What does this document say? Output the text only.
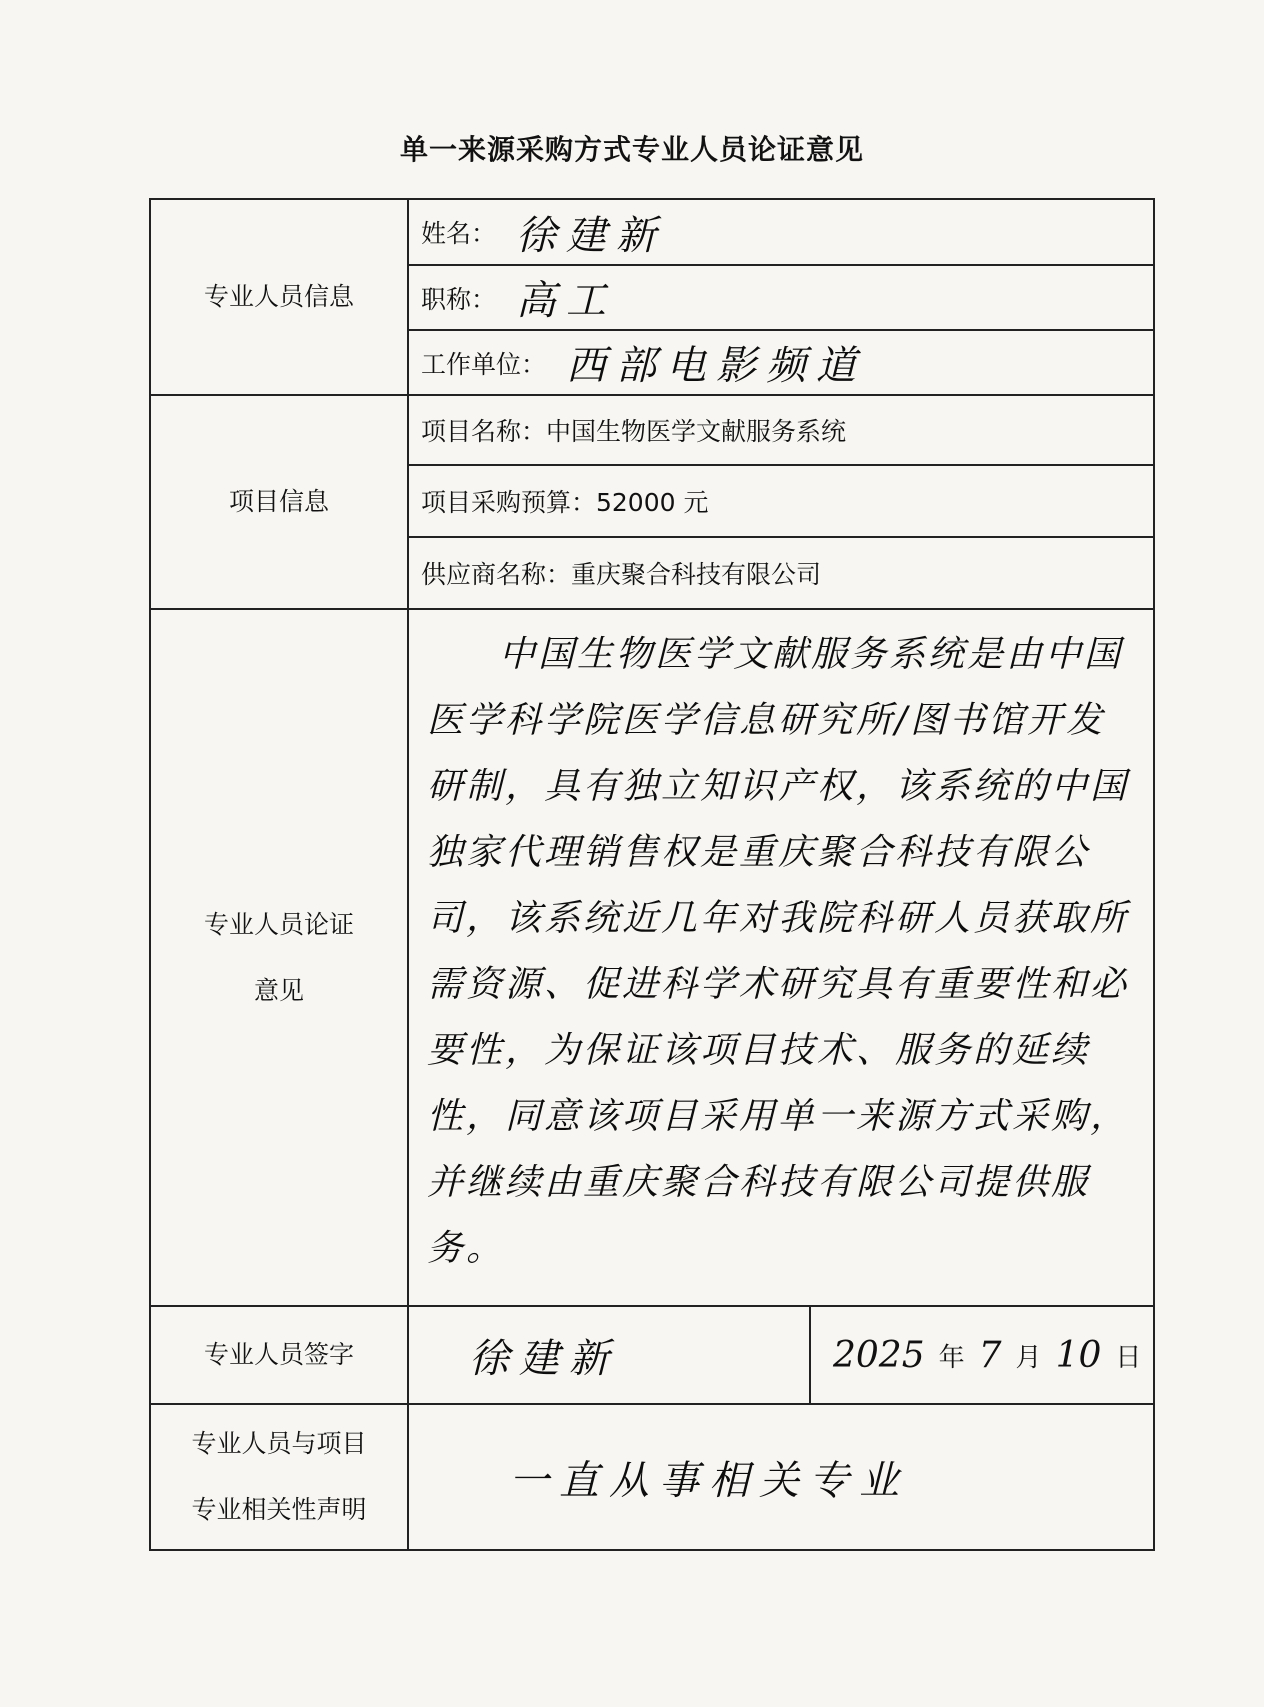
单一来源采购方式专业人员论证意见
专业人员信息
姓名： 徐建新
职称： 高工
工作单位： 西部电影频道
项目信息
项目名称：中国生物医学文献服务系统
项目采购预算：52000 元
供应商名称：重庆聚合科技有限公司
专业人员论证
意见
中国生物医学文献服务系统是由中国医学科学院医学信息研究所/图书馆开发研制，具有独立知识产权，该系统的中国独家代理销售权是重庆聚合科技有限公司，该系统近几年对我院科研人员获取所需资源、促进科学术研究具有重要性和必要性，为保证该项目技术、服务的延续性，同意该项目采用单一来源方式采购，并继续由重庆聚合科技有限公司提供服务。
专业人员签字	徐建新	2025 年 7 月 10 日
专业人员与项目
专业相关性声明
一直从事相关专业
